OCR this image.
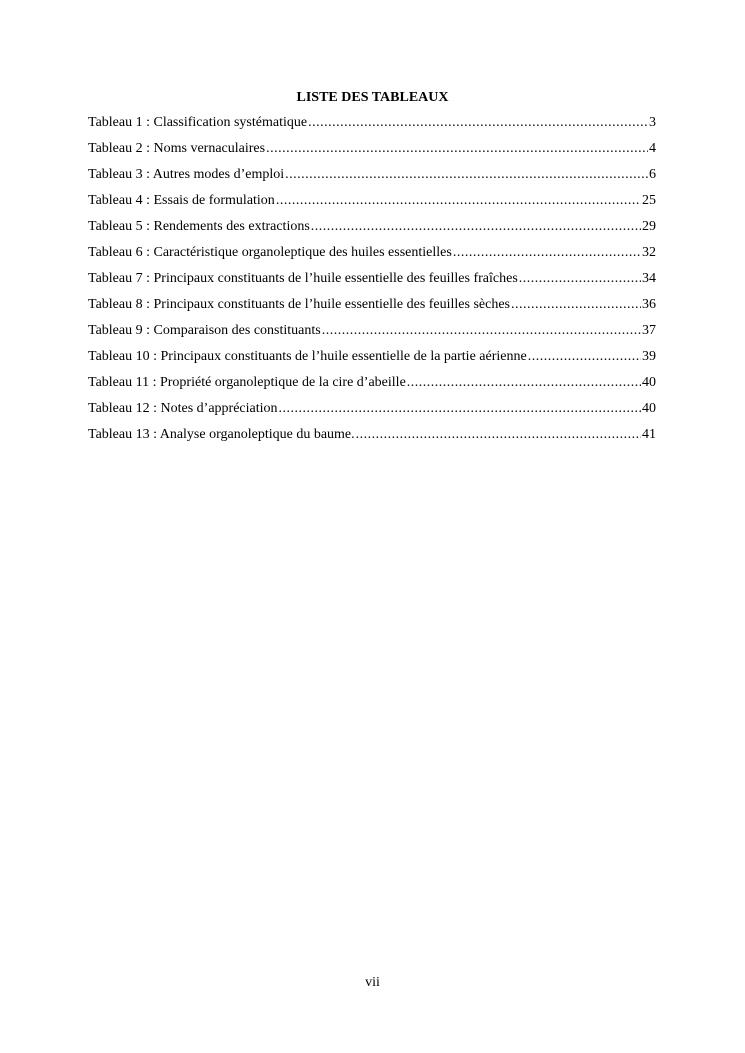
LISTE DES TABLEAUX
Tableau 1 : Classification systématique .....	3
Tableau 2 : Noms vernaculaires .....	4
Tableau 3 : Autres modes d’emploi .....	6
Tableau 4 : Essais de formulation .....	25
Tableau 5 : Rendements des extractions .....	29
Tableau 6 : Caractéristique organoleptique des huiles essentielles .....	32
Tableau 7 : Principaux constituants de l’huile essentielle des feuilles fraîches .....	34
Tableau 8 : Principaux constituants de l’huile essentielle des feuilles sèches .....	36
Tableau 9 : Comparaison des constituants .....	37
Tableau 10 : Principaux constituants de l’huile essentielle de la partie aérienne .....	39
Tableau 11 : Propriété organoleptique de la cire d’abeille .....	40
Tableau 12 : Notes d’appréciation .....	40
Tableau 13 : Analyse organoleptique du baume. .....	41
vii
